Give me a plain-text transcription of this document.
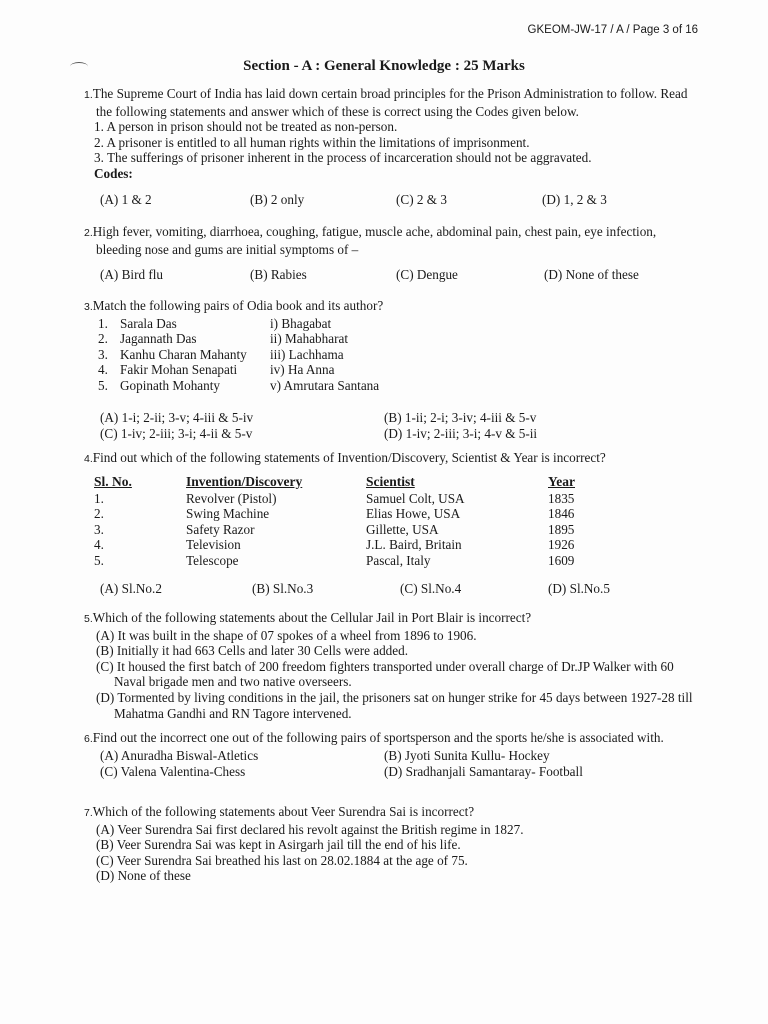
GKEOM-JW-17 / A / Page 3 of 16
Section - A : General Knowledge : 25 Marks
1.The Supreme Court of India has laid down certain broad principles for the Prison Administration to follow. Read the following statements and answer which of these is correct using the Codes given below.
1. A person in prison should not be treated as non-person.
2. A prisoner is entitled to all human rights within the limitations of imprisonment.
3. The sufferings of prisoner inherent in the process of incarceration should not be aggravated.
Codes:
(A) 1 & 2	(B) 2 only	(C) 2 & 3	(D) 1, 2 & 3
2.High fever, vomiting, diarrhoea, coughing, fatigue, muscle ache, abdominal pain, chest pain, eye infection, bleeding nose and gums are initial symptoms of –
(A) Bird flu	(B) Rabies	(C) Dengue	(D) None of these
3.Match the following pairs of Odia book and its author?
1. Sarala Das	i) Bhagabat
2. Jagannath Das	ii) Mahabharat
3. Kanhu Charan Mahanty iii) Lachhama
4. Fakir Mohan Senapati iv) Ha Anna
5. Gopinath Mohanty	v) Amrutara Santana
(A) 1-i; 2-ii; 3-v; 4-iii & 5-iv	(B) 1-ii; 2-i; 3-iv; 4-iii & 5-v
(C) 1-iv; 2-iii; 3-i; 4-ii & 5-v	(D) 1-iv; 2-iii; 3-i; 4-v & 5-ii
4.Find out which of the following statements of Invention/Discovery, Scientist & Year is incorrect?
Sl. No.	Invention/Discovery	Scientist	Year
1.	Revolver (Pistol)	Samuel Colt, USA	1835
2.	Swing Machine	Elias Howe, USA	1846
3.	Safety Razor	Gillette, USA	1895
4.	Television	J.L. Baird, Britain	1926
5.	Telescope	Pascal, Italy	1609
(A) Sl.No.2	(B) Sl.No.3	(C) Sl.No.4	(D) Sl.No.5
5.Which of the following statements about the Cellular Jail in Port Blair is incorrect?
(A) It was built in the shape of 07 spokes of a wheel from 1896 to 1906.
(B) Initially it had 663 Cells and later 30 Cells were added.
(C) It housed the first batch of 200 freedom fighters transported under overall charge of Dr.JP Walker with 60 Naval brigade men and two native overseers.
(D) Tormented by living conditions in the jail, the prisoners sat on hunger strike for 45 days between 1927-28 till Mahatma Gandhi and RN Tagore intervened.
6.Find out the incorrect one out of the following pairs of sportsperson and the sports he/she is associated with.
(A) Anuradha Biswal-Atletics	(B) Jyoti Sunita Kullu- Hockey
(C) Valena Valentina-Chess	(D) Sradhanjali Samantaray- Football
7.Which of the following statements about Veer Surendra Sai is incorrect?
(A) Veer Surendra Sai first declared his revolt against the British regime in 1827.
(B) Veer Surendra Sai was kept in Asirgarh jail till the end of his life.
(C) Veer Surendra Sai breathed his last on 28.02.1884 at the age of 75.
(D) None of these
